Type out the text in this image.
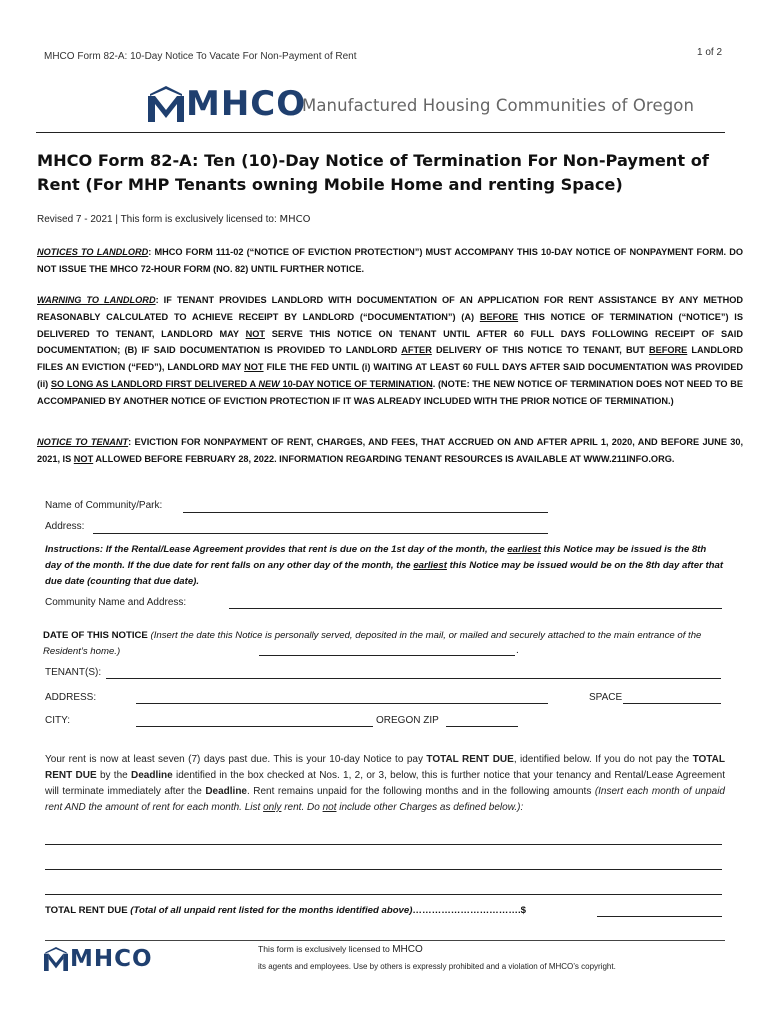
MHCO Form 82-A: 10-Day Notice To Vacate For Non-Payment of Rent	1 of 2
MHCO
Manufactured Housing Communities of Oregon
MHCO Form 82-A: Ten (10)-Day Notice of Termination For Non-Payment of
Rent (For MHP Tenants owning Mobile Home and renting Space)
Revised 7 - 2021 | This form is exclusively licensed to: MHCO
NOTICES TO LANDLORD: MHCO FORM 111-02 (“NOTICE OF EVICTION PROTECTION”) MUST ACCOMPANY THIS 10-DAY NOTICE OF NONPAYMENT FORM. DO NOT ISSUE THE MHCO 72-HOUR FORM (NO. 82) UNTIL FURTHER NOTICE.
WARNING TO LANDLORD: IF TENANT PROVIDES LANDLORD WITH DOCUMENTATION OF AN APPLICATION FOR RENT ASSISTANCE BY ANY METHOD REASONABLY CALCULATED TO ACHIEVE RECEIPT BY LANDLORD (“DOCUMENTATION”) (A) BEFORE THIS NOTICE OF TERMINATION (“NOTICE”) IS DELIVERED TO TENANT, LANDLORD MAY NOT SERVE THIS NOTICE ON TENANT UNTIL AFTER 60 FULL DAYS FOLLOWING RECEIPT OF SAID DOCUMENTATION; (B) IF SAID DOCUMENTATION IS PROVIDED TO LANDLORD AFTER DELIVERY OF THIS NOTICE TO TENANT, BUT BEFORE LANDLORD FILES AN EVICTION (“FED”), LANDLORD MAY NOT FILE THE FED UNTIL (i) WAITING AT LEAST 60 FULL DAYS AFTER SAID DOCUMENTATION WAS PROVIDED (ii) SO LONG AS LANDLORD FIRST DELIVERED A NEW 10-DAY NOTICE OF TERMINATION. (NOTE: THE NEW NOTICE OF TERMINATION DOES NOT NEED TO BE ACCOMPANIED BY ANOTHER NOTICE OF EVICTION PROTECTION IF IT WAS ALREADY INCLUDED WITH THE PRIOR NOTICE OF TERMINATION.)
NOTICE TO TENANT: EVICTION FOR NONPAYMENT OF RENT, CHARGES, AND FEES, THAT ACCRUED ON AND AFTER APRIL 1, 2020, AND BEFORE JUNE 30, 2021, IS NOT ALLOWED BEFORE FEBRUARY 28, 2022. INFORMATION REGARDING TENANT RESOURCES IS AVAILABLE AT WWW.211INFO.ORG.
Name of Community/Park:
Address:
Instructions: If the Rental/Lease Agreement provides that rent is due on the 1st day of the month, the earliest this Notice may be issued is the 8th day of the month. If the due date for rent falls on any other day of the month, the earliest this Notice may be issued would be on the 8th day after that due date (counting that due date).
Community Name and Address:
DATE OF THIS NOTICE (Insert the date this Notice is personally served, deposited in the mail, or mailed and securely attached to the main entrance of the Resident’s home.)	.
TENANT(S):
ADDRESS:	SPACE
CITY:	OREGON ZIP
Your rent is now at least seven (7) days past due. This is your 10-day Notice to pay TOTAL RENT DUE, identified below. If you do not pay the TOTAL RENT DUE by the Deadline identified in the box checked at Nos. 1, 2, or 3, below, this is further notice that your tenancy and Rental/Lease Agreement will terminate immediately after the Deadline. Rent remains unpaid for the following months and in the following amounts (Insert each month of unpaid rent AND the amount of rent for each month. List only rent. Do not include other Charges as defined below.):
TOTAL RENT DUE (Total of all unpaid rent listed for the months identified above)…………………………….$
MHCO	This form is exclusively licensed to MHCO
its agents and employees. Use by others is expressly prohibited and a violation of MHCO’s copyright.
